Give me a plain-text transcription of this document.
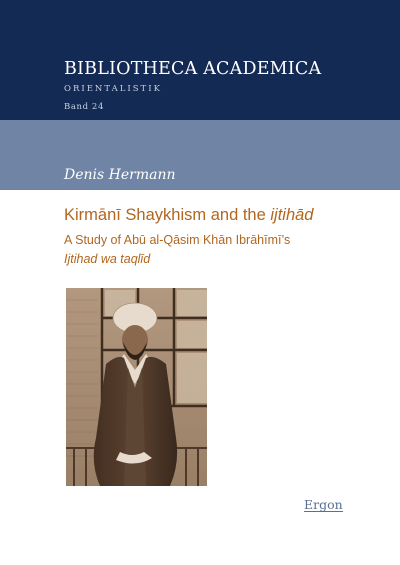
BIBLIOTHECA ACADEMICA
ORIENTALISTIK
Band 24
Denis Hermann
Kirmānī Shaykhism and the ijtihād
A Study of Abū al-Qāsim Khān Ibrāhīmī’s
Ijtihad wa taqlīd
Ergon
